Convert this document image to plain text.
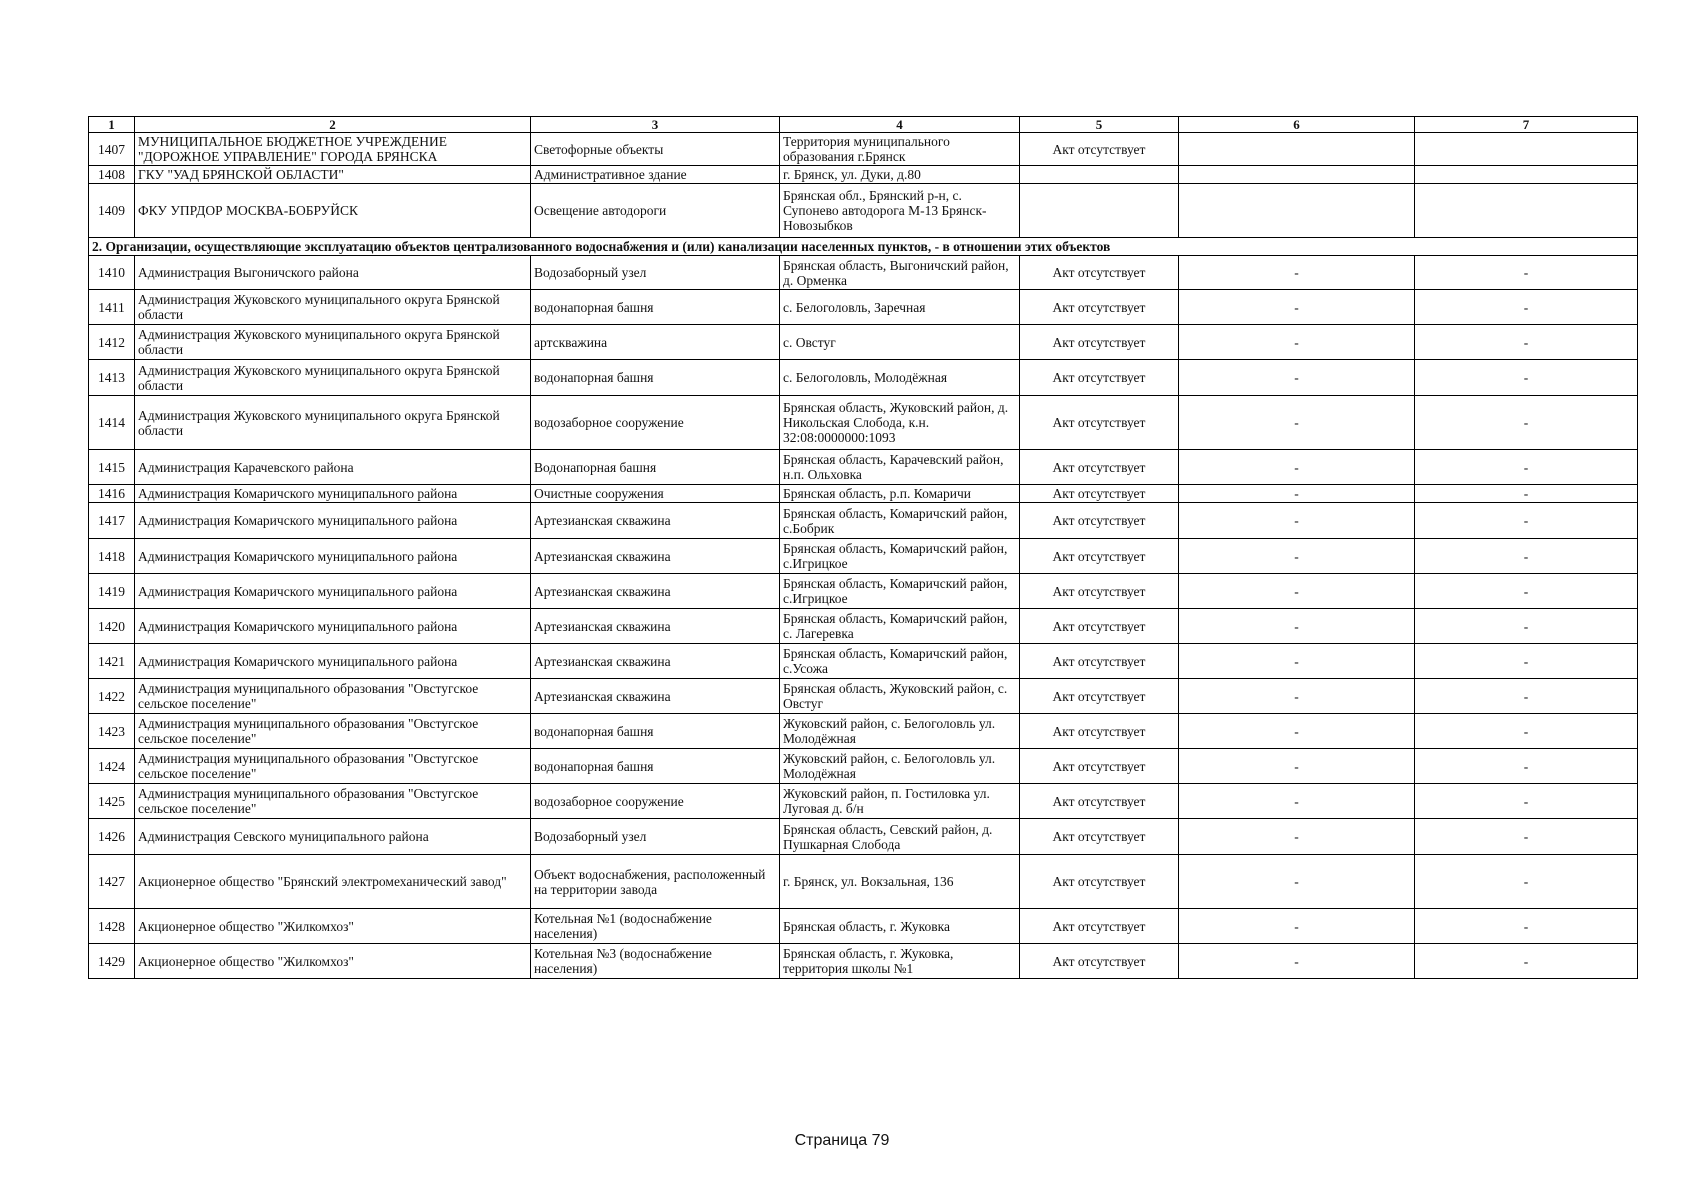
1	2	3	4	5	6	7
1407	МУНИЦИПАЛЬНОЕ БЮДЖЕТНОЕ УЧРЕЖДЕНИЕ "ДОРОЖНОЕ УПРАВЛЕНИЕ" ГОРОДА БРЯНСКА	Светофорные объекты	Территория муниципального образования г.Брянск	Акт отсутствует		
1408	ГКУ "УАД БРЯНСКОЙ ОБЛАСТИ"	Административное здание	г. Брянск, ул. Дуки, д.80			
1409	ФКУ УПРДОР МОСКВА-БОБРУЙСК	Освещение автодороги	Брянская обл., Брянский р-н, с. Супонево автодорога М-13 Брянск-Новозыбков			
2. Организации, осуществляющие эксплуатацию объектов централизованного водоснабжения и (или) канализации населенных пунктов, - в отношении этих объектов						
1410	Администрация Выгоничского района	Водозаборный узел	Брянская область, Выгоничский район, д. Орменка	Акт отсутствует	-	-
1411	Администрация Жуковского муниципального округа Брянской области	водонапорная башня	с. Белоголовль, Заречная	Акт отсутствует	-	-
1412	Администрация Жуковского муниципального округа Брянской области	артскважина	с. Овстуг	Акт отсутствует	-	-
1413	Администрация Жуковского муниципального округа Брянской области	водонапорная башня	с. Белоголовль, Молодёжная	Акт отсутствует	-	-
1414	Администрация Жуковского муниципального округа Брянской области	водозаборное сооружение	Брянская область, Жуковский район, д. Никольская Слобода, к.н. 32:08:0000000:1093	Акт отсутствует	-	-
1415	Администрация Карачевского района	Водонапорная башня	Брянская область, Карачевский район, н.п. Ольховка	Акт отсутствует	-	-
1416	Администрация Комаричского муниципального района	Очистные сооружения	Брянская область, р.п. Комаричи	Акт отсутствует	-	-
1417	Администрация Комаричского муниципального района	Артезианская скважина	Брянская область, Комаричский район, с.Бобрик	Акт отсутствует	-	-
1418	Администрация Комаричского муниципального района	Артезианская скважина	Брянская область, Комаричский район, с.Игрицкое	Акт отсутствует	-	-
1419	Администрация Комаричского муниципального района	Артезианская скважина	Брянская область, Комаричский район, с.Игрицкое	Акт отсутствует	-	-
1420	Администрация Комаричского муниципального района	Артезианская скважина	Брянская область, Комаричский район, с. Лагеревка	Акт отсутствует	-	-
1421	Администрация Комаричского муниципального района	Артезианская скважина	Брянская область, Комаричский район, с.Усожа	Акт отсутствует	-	-
1422	Администрация муниципального образования "Овстугское сельское поселение"	Артезианская скважина	Брянская область, Жуковский район, с. Овстуг	Акт отсутствует	-	-
1423	Администрация муниципального образования "Овстугское сельское поселение"	водонапорная башня	Жуковский район, с. Белоголовль ул. Молодёжная	Акт отсутствует	-	-
1424	Администрация муниципального образования "Овстугское сельское поселение"	водонапорная башня	Жуковский район, с. Белоголовль ул. Молодёжная	Акт отсутствует	-	-
1425	Администрация муниципального образования "Овстугское сельское поселение"	водозаборное сооружение	Жуковский район, п. Гостиловка ул. Луговая д. б/н	Акт отсутствует	-	-
1426	Администрация Севского муниципального района	Водозаборный узел	Брянская область, Севский район, д. Пушкарная Слобода	Акт отсутствует	-	-
1427	Акционерное общество "Брянский электромеханический завод"	Объект водоснабжения, расположенный на территории завода	г. Брянск, ул. Вокзальная, 136	Акт отсутствует	-	-
1428	Акционерное общество "Жилкомхоз"	Котельная №1 (водоснабжение населения)	Брянская область, г. Жуковка	Акт отсутствует	-	-
1429	Акционерное общество "Жилкомхоз"	Котельная №3 (водоснабжение населения)	Брянская область, г. Жуковка, территория школы №1	Акт отсутствует	-	-
Страница 79
